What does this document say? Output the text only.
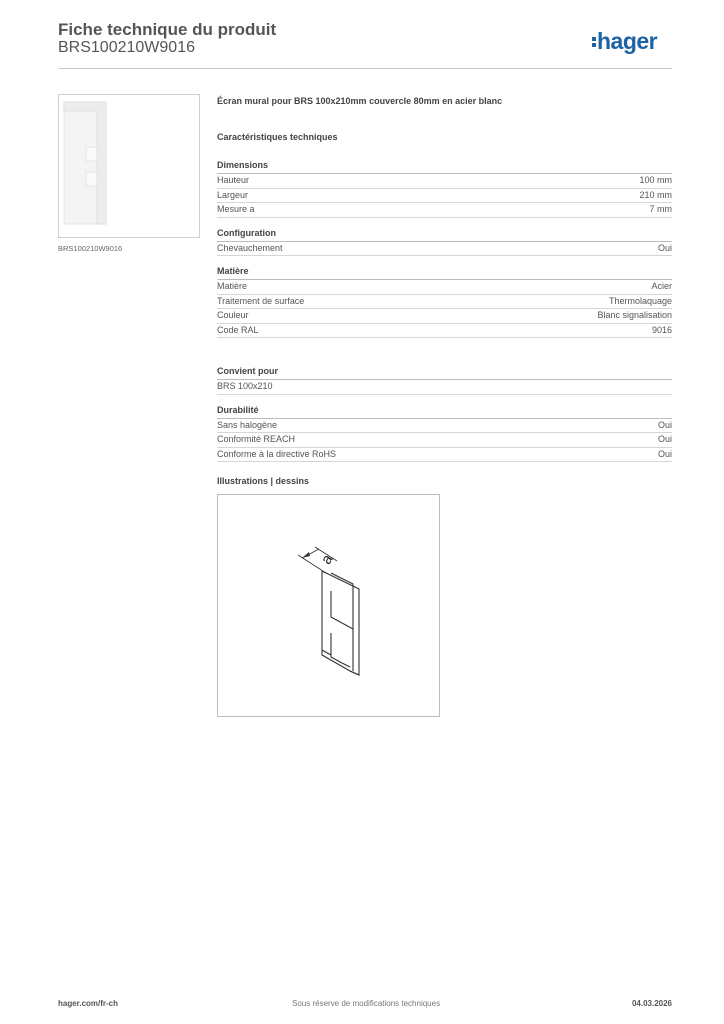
Fiche technique du produit
BRS100210W9016	hager
BRS100210W9016
Écran mural pour BRS 100x210mm couvercle 80mm en acier blanc
Caractéristiques techniques
Dimensions
Hauteur	100 mm
Largeur	210 mm
Mesure a	7 mm
Configuration
Chevauchement	Oui
Matière
Matière	Acier
Traitement de surface	Thermolaquage
Couleur	Blanc signalisation
Code RAL	9016
Convient pour
BRS 100x210
Durabilité
Sans halogène	Oui
Conformité REACH	Oui
Conforme à la directive RoHS	Oui
Illustrations | dessins
a
hager.com/fr-ch	Sous réserve de modifications techniques	04.03.2026
